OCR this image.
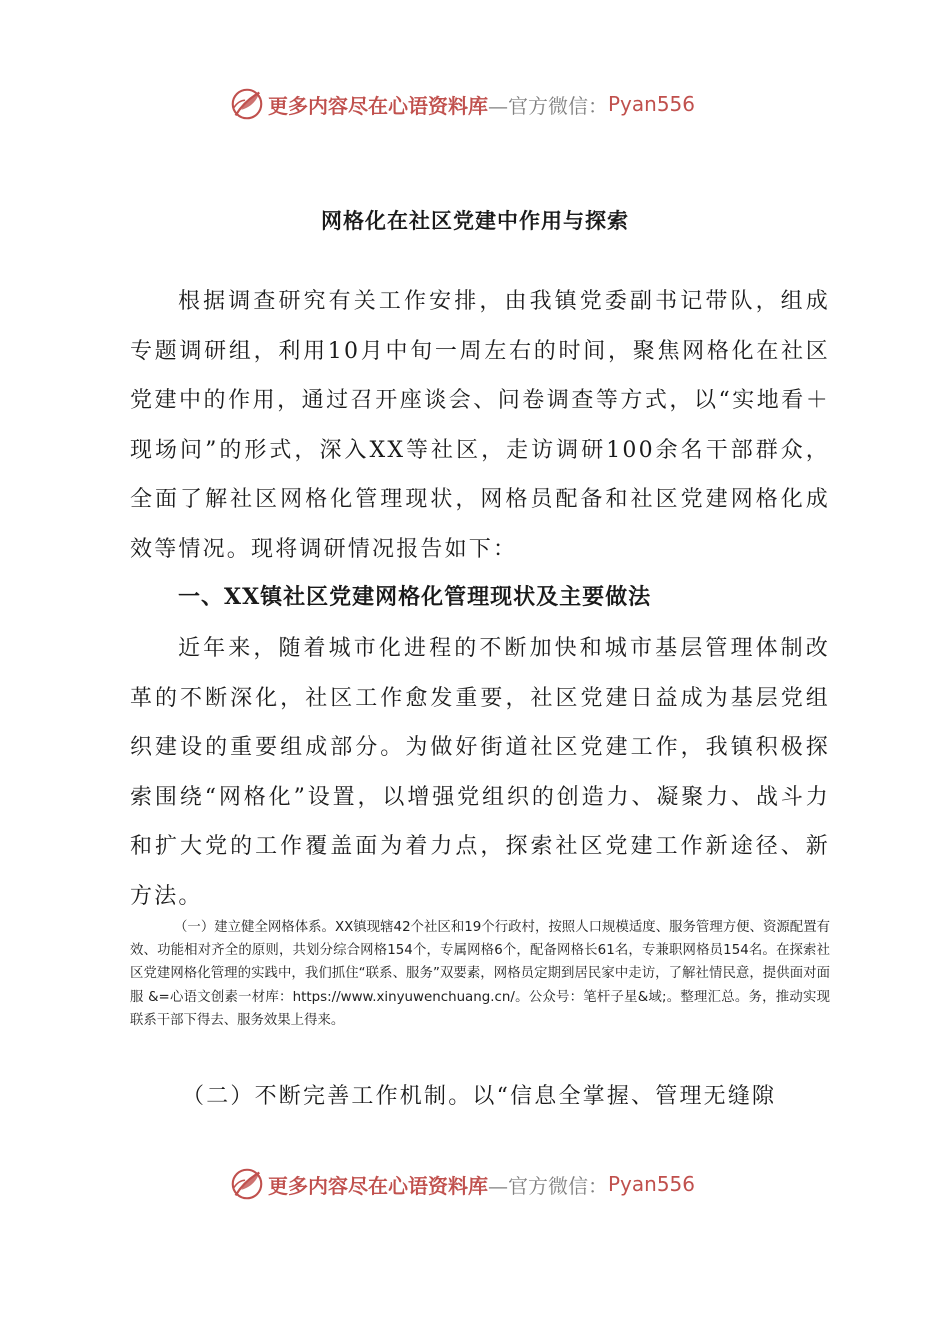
更多内容尽在心语资料库 —官方微信： Pyan556
网格化在社区党建中作用与探索
根据调查研究有关工作安排，由我镇党委副书记带队，组成专题调研组，利用10月中旬一周左右的时间，聚焦网格化在社区党建中的作用，通过召开座谈会、问卷调查等方式，以“实地看＋现场问”的形式，深入XX等社区，走访调研100余名干部群众，全面了解社区网格化管理现状，网格员配备和社区党建网格化成效等情况。现将调研情况报告如下：
一、XX镇社区党建网格化管理现状及主要做法
近年来，随着城市化进程的不断加快和城市基层管理体制改革的不断深化，社区工作愈发重要，社区党建日益成为基层党组织建设的重要组成部分。为做好街道社区党建工作，我镇积极探索围绕“网格化”设置，以增强党组织的创造力、凝聚力、战斗力和扩大党的工作覆盖面为着力点，探索社区党建工作新途径、新方法。
（一）建立健全网格体系。XX镇现辖42个社区和19个行政村，按照人口规模适度、服务管理方便、资源配置有效、功能相对齐全的原则，共划分综合网格154个，专属网格6个，配备网格长61名，专兼职网格员154名。在探索社区党建网格化管理的实践中，我们抓住“联系、服务”双要素，网格员定期到居民家中走访，了解社情民意，提供面对面服 &=心语文创素一材库：https://www.xinyuwenchuang.cn/。公众号：笔杆子星&域;。整理汇总。务，推动实现联系干部下得去、服务效果上得来。
（二）不断完善工作机制。以“信息全掌握、管理无缝隙
更多内容尽在心语资料库 —官方微信： Pyan556
